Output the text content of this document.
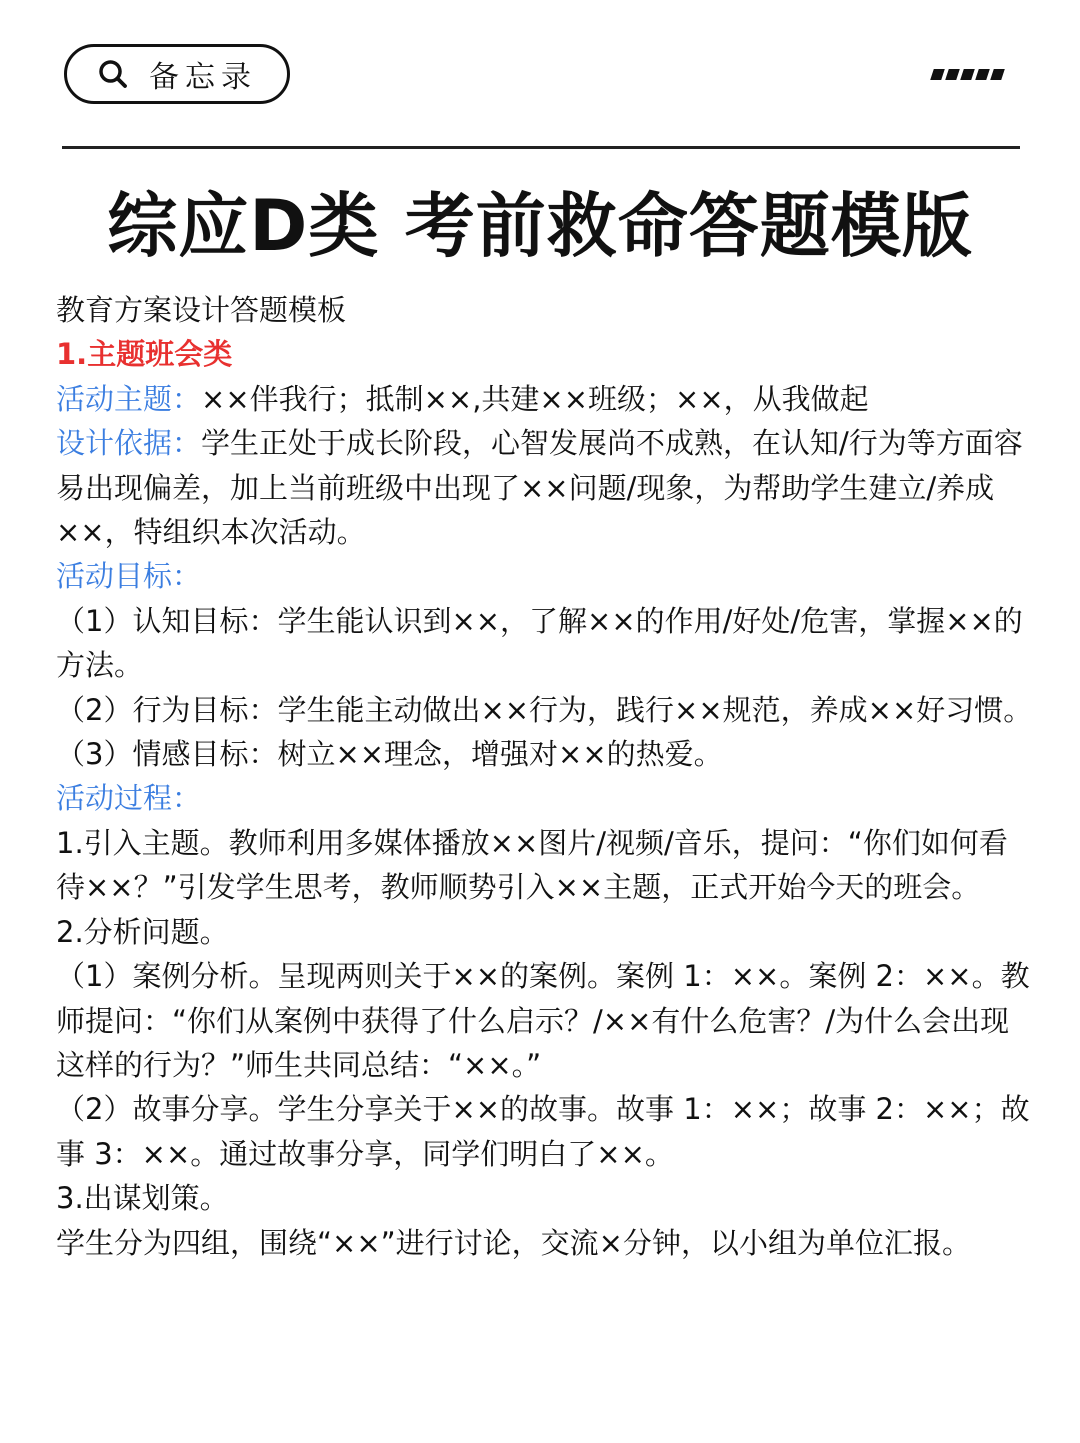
备忘录
综应D类 考前救命答题模版

教育方案设计答题模板

1.主题班会类

活动主题：××伴我行；抵制××,共建××班级；××，从我做起

设计依据：学生正处于成长阶段，心智发展尚不成熟，在认知/行为等方面容易出现偏差，加上当前班级中出现了××问题/现象，为帮助学生建立/养成××，特组织本次活动。

活动目标：

（1）认知目标：学生能认识到××，了解××的作用/好处/危害，掌握××的方法。

（2）行为目标：学生能主动做出××行为，践行××规范，养成××好习惯。

（3）情感目标：树立××理念，增强对××的热爱。

活动过程：

1.引入主题。教师利用多媒体播放××图片/视频/音乐，提问：“你们如何看待××？”引发学生思考，教师顺势引入××主题，正式开始今天的班会。

2.分析问题。

（1）案例分析。呈现两则关于××的案例。案例 1：××。案例 2：××。教师提问：“你们从案例中获得了什么启示？/××有什么危害？/为什么会出现这样的行为？”师生共同总结：“××。”

（2）故事分享。学生分享关于××的故事。故事 1：××；故事 2：××；故事 3：××。通过故事分享，同学们明白了××。

3.出谋划策。

学生分为四组，围绕“××”进行讨论，交流×分钟，以小组为单位汇报。
